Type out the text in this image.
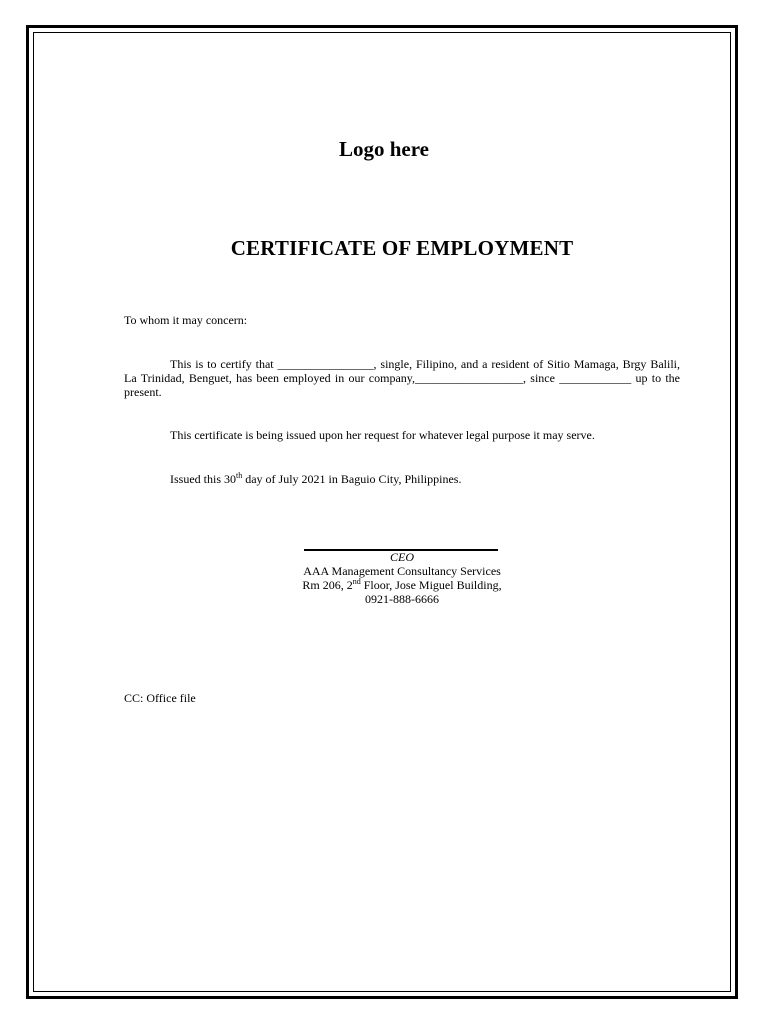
Logo here
CERTIFICATE OF EMPLOYMENT
To whom it may concern:
This is to certify that ________________, single, Filipino, and a resident of Sitio Mamaga, Brgy Balili, La Trinidad, Benguet, has been employed in our company,__________________, since ____________ up to the present.
This certificate is being issued upon her request for whatever legal purpose it may serve.
Issued this 30th day of July 2021 in Baguio City, Philippines.
CEO
AAA Management Consultancy Services
Rm 206, 2nd Floor, Jose Miguel Building,
0921-888-6666
CC: Office file
